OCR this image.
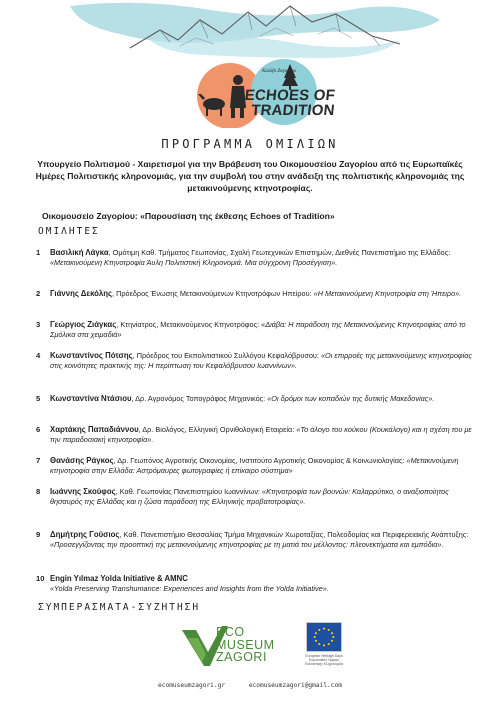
Καλύβι Ζαγορίου
ECHOES OF
TRADITION
ΠΡΟΓΡΑΜΜΑ ΟΜΙΛΙΩΝ
Υπουργείο Πολιτισμού - Χαιρετισμοί για την Βράβευση του Οικομουσείου Ζαγορίου από τις Ευρωπαϊκές Ημέρες Πολιτιστικής κληρονομιάς, για την συμβολή του στην ανάδειξη της πολιτιστικής κληρονομιάς της μετακινούμενης κτηνοτροφίας.
Οικομουσείο Ζαγορίου: «Παρουσίαση της έκθεσης Echoes of Tradition»
ΟΜΙΛΗΤΕΣ
1 Βασιλική Λάγκα, Ομότιμη Καθ. Τμήματος Γεωπονίας, Σχολή Γεωτεχνικών Επιστημών, Διεθνές Πανεπιστήμιο της Ελλάδος: «Μετακινούμενη Κτηνοτροφία Άυλη Πολιτιστική Κληρονομιά. Μια σύγχρονη Προσέγγιση».
2 Γιάννης Δεκόλης, Πρόεδρος Ένωσης Μετακινούμενων Κτηνοτρόφων Ηπείρου: «Η Μετακινούμενη Κτηνοτροφία στη Ήπειρο».
3 Γεώργιος Ζιάγκας, Κτηνίατρος, Μετακινούμενος Κτηνοτρόφος: «Διάβα: Η παράδοση της Μετακινούμενης Κτηνοτροφίας από το Σμόλικα στα χειμαδιά»
4 Κωνσταντίνος Πότσης, Πρόεδρος του Εκπολιτιστικού Συλλόγου Κεφαλόβρυσου: «Οι επιρροές της μετακινούμενης κτηνοτροφίας στις κοινότητες πρακτικής της: Η περίπτωση του Κεφαλόβρυσου Ιωαννίνων».
5 Κωνσταντίνα Ντάσιου, Δρ. Αγρονόμος Τοπογράφος Μηχανικός: «Οι δρόμοι των κοπαδιών της δυτικής Μακεδονίας».
6 Χαρτάκης Παπαδιάννου, Δρ. Βιολόγος, Ελληνική Ορνιθολογική Εταιρεία: «Το άλογο του κούκου (Κουκάλογο) και η σχέση του με την παραδοσιακή κτηνοτροφία».
7 Θανάσης Ράγκος, Δρ. Γεωπόνος Αγροτικής Οικονομίας, Ινστιτούτο Αγροτικής Οικονομίας & Κοινωνιολογίας: «Μετακινούμενη κτηνοτροφία στην Ελλάδα: Αστρόμαυρες φωτογραφίες ή επίκαιρο σύστημα»
8 Ιωάννης Σκούφος, Καθ. Γεωπονίας Πανεπιστημίου Ιωαννίνων: «Κτηνοτροφία των βουνών: Καλαρρύτικο, ο αναξιοποίητος θησαυρός της Ελλάδας και η ζώσα παράδοση της Ελληνικής προβατοτροφίας».
9 Δημήτρης Γούσιος, Καθ. Πανεπιστήμιο Θεσσαλίας Τμήμα Μηχανικών Χωροταξίας, Πολεοδομίας και Περιφερειακής Ανάπτυξης: «Προσεγγίζοντας την προοπτική της μετακινούμενης κτηνοτροφίας με τη ματιά του μέλλοντος: πλεονεκτήματα και εμπόδια».
10 Engin Yılmaz Yolda Initiative & AMNC
«Yolda Preserving Transhumance: Experiences and Insights from the Yolda Initiative».
ΣΥΜΠΕΡΑΣΜΑΤΑ-ΣΥΖΗΤΗΣΗ
ECO
MUSEUM
ZAGORI	European Heritage Days Ευρωπαϊκές Ημέρες Πολιτιστικής Κληρονομιάς
ecomuseumzagori.gr	ecomuseumzagori@gmail.com
